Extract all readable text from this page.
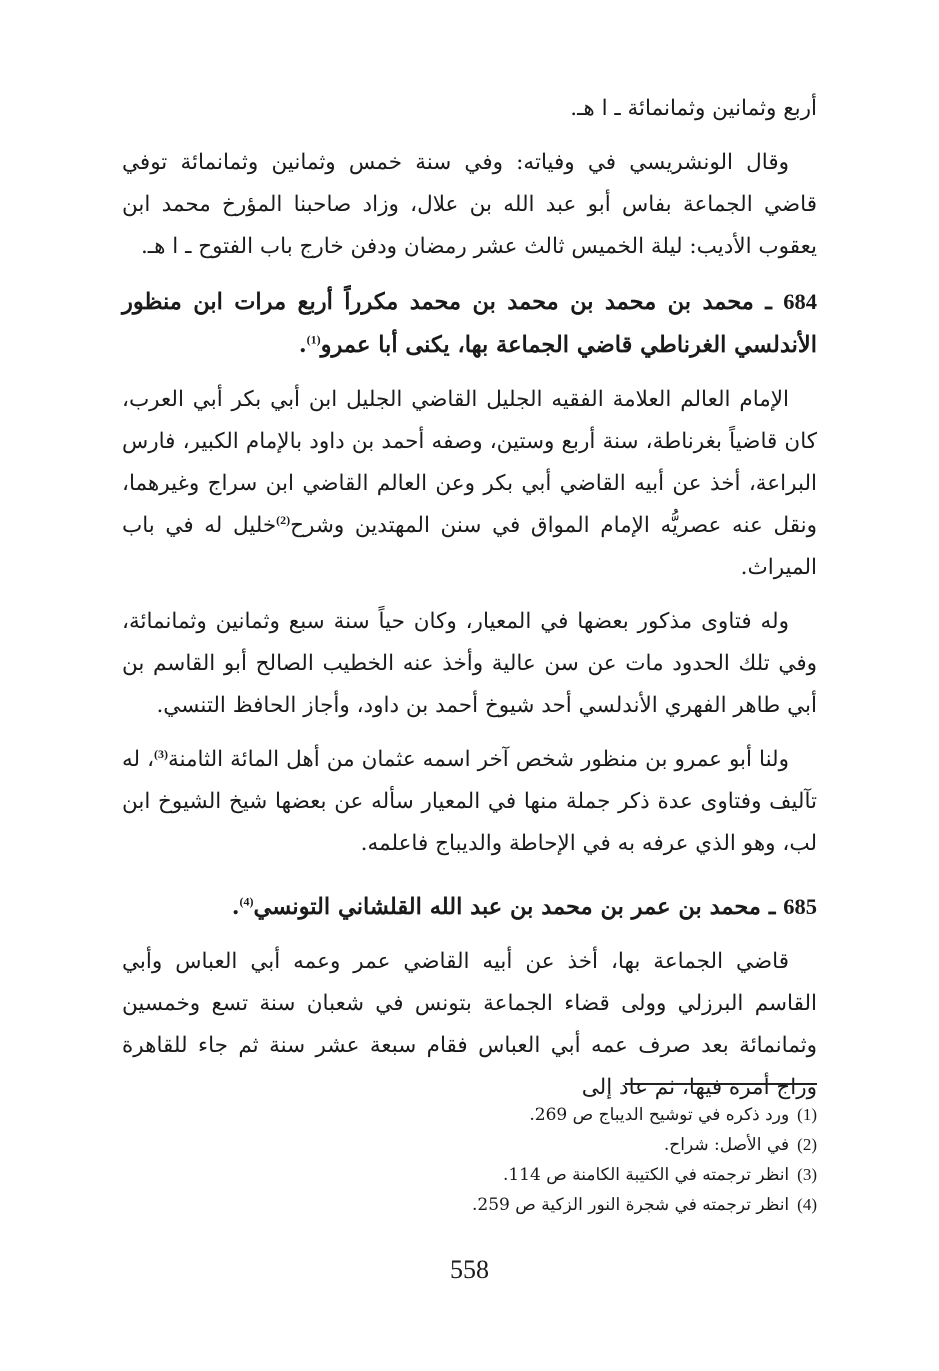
أربع وثمانين وثمانمائة ـ ا هـ.

وقال الونشريسي في وفياته: وفي سنة خمس وثمانين وثمانمائة توفي قاضي الجماعة بفاس أبو عبد الله بن علال، وزاد صاحبنا المؤرخ محمد ابن يعقوب الأديب: ليلة الخميس ثالث عشر رمضان ودفن خارج باب الفتوح ـ ا هـ.

684 ـ محمد بن محمد بن محمد بن محمد مكرراً أربع مرات ابن منظور الأندلسي الغرناطي قاضي الجماعة بها، يكنى أبا عمرو$^{(1)}$.

الإمام العالم العلامة الفقيه الجليل القاضي الجليل ابن أبي بكر أبي العرب، كان قاضياً بغرناطة، سنة أربع وستين، وصفه أحمد بن داود بالإمام الكبير، فارس البراعة، أخذ عن أبيه القاضي أبي بكر وعن العالم القاضي ابن سراج وغيرهما، ونقل عنه عصريُّه الإمام المواق في سنن المهتدين وشرح$^{(2)}$خليل له في باب الميراث.

وله فتاوى مذكور بعضها في المعيار، وكان حياً سنة سبع وثمانين وثمانمائة، وفي تلك الحدود مات عن سن عالية وأخذ عنه الخطيب الصالح أبو القاسم بن أبي طاهر الفهري الأندلسي أحد شيوخ أحمد بن داود، وأجاز الحافظ التنسي.

ولنا أبو عمرو بن منظور شخص آخر اسمه عثمان من أهل المائة الثامنة$^{(3)}$، له تآليف وفتاوى عدة ذكر جملة منها في المعيار سأله عن بعضها شيخ الشيوخ ابن لب، وهو الذي عرفه به في الإحاطة والديباج فاعلمه.

685 ـ محمد بن عمر بن محمد بن عبد الله القلشاني التونسي$^{(4)}$.

قاضي الجماعة بها، أخذ عن أبيه القاضي عمر وعمه أبي العباس وأبي القاسم البرزلي وولى قضاء الجماعة بتونس في شعبان سنة تسع وخمسين وثمانمائة بعد صرف عمه أبي العباس فقام سبعة عشر سنة ثم جاء للقاهرة وراج أمره فيها، ثم عاد إلى

(1)ورد ذكره في توشيح الديباج ص 269.

(2)في الأصل: شراح.

(3)انظر ترجمته في الكتيبة الكامنة ص 114.

(4)انظر ترجمته في شجرة النور الزكية ص 259.

558
